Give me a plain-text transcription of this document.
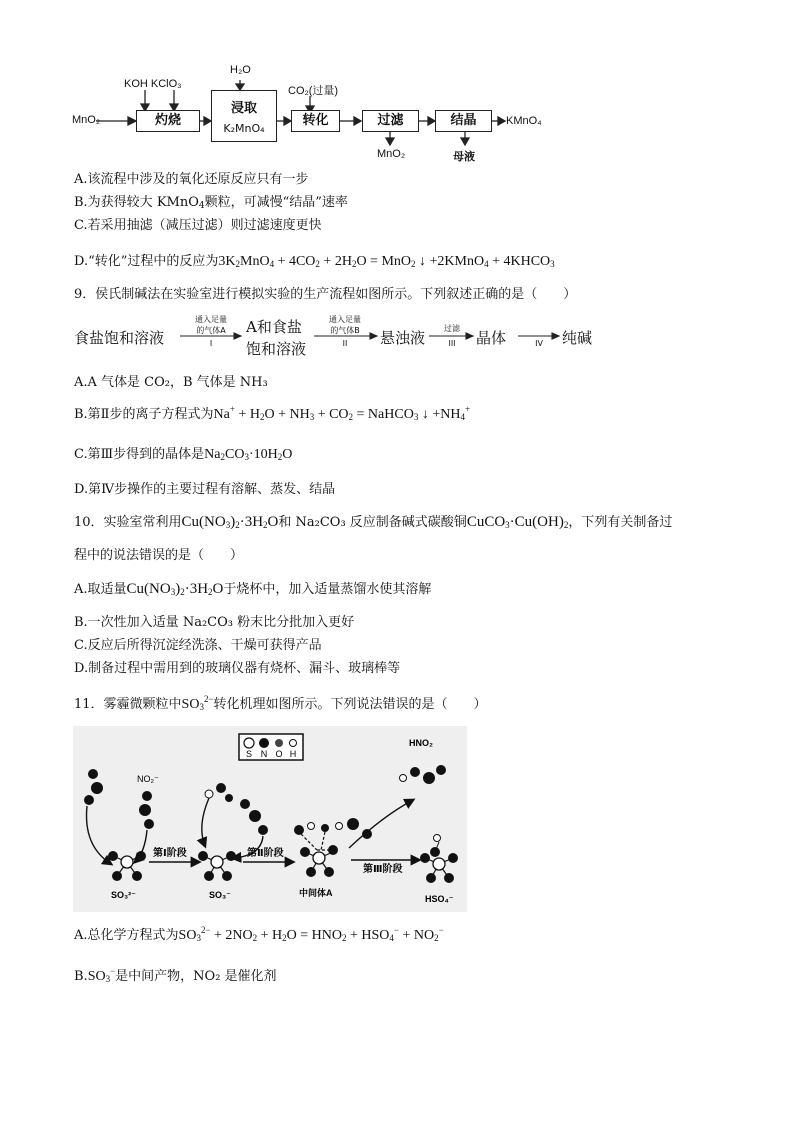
MnO₂
KOH KClO₃
灼烧
H₂O
浸取
K₂MnO₄
CO₂(过量)
转化	过滤
MnO₂
结晶
母液
KMnO₄
A.该流程中涉及的氧化还原反应只有一步
B.为获得较大 KMnO$_4$颗粒，可减慢“结晶”速率
C.若采用抽滤（减压过滤）则过滤速度更快
D.“转化”过程中的反应为$3K_2MnO_4 + 4CO_2 + 2H_2O = MnO_2$ ↓ +2KMnO$_4$ + $4KHCO_3$
9．侯氏制碱法在实验室进行模拟实验的生产流程如图所示。下列叙述正确的是（　　）
食盐饱和溶液
通入足量
的气体A
I
A和食盐
饱和溶液
通入足量
的气体B
II	悬浊液
过滤
III	晶体	IV	纯碱
A.A 气体是 CO₂，B 气体是 NH₃
B.第Ⅱ步的离子方程式为$Na^+ + H_2O + NH_3 + CO_2$ = NaHCO$_3$ ↓ $+NH_4^+$
C.第Ⅲ步得到的晶体是$Na_2CO_3\cdot 10H_2O$
D.第Ⅳ步操作的主要过程有溶解、蒸发、结晶
10．实验室常利用$Cu(NO_3)_2\cdot 3H_2O$和 Na₂CO₃ 反应制备碱式碳酸铜$CuCO_3\cdot Cu(OH)_2$，下列有关制备过
程中的说法错误的是（　　）
A.取适量$Cu(NO_3)_2\cdot 3H_2O$于烧杯中，加入适量蒸馏水使其溶解
B.一次性加入适量 Na₂CO₃ 粉末比分批加入更好
C.反应后所得沉淀经洗涤、干燥可获得产品
D.制备过程中需用到的玻璃仪器有烧杯、漏斗、玻璃棒等
11．雾霾微颗粒中$SO_3^{2-}$转化机理如图所示。下列说法错误的是（　　）
S N O H
NO₂⁻
SO₃²⁻
第Ⅰ阶段
SO₃⁻
第Ⅱ阶段
中间体A
第Ⅲ阶段
HNO₂
HSO₄⁻
A.总化学方程式为$SO_3^{2-} + 2NO_2 + H_2O = HNO_2 + HSO_4^- + NO_2^-$
$B.SO_3^-$是中间产物，NO₂ 是催化剂
